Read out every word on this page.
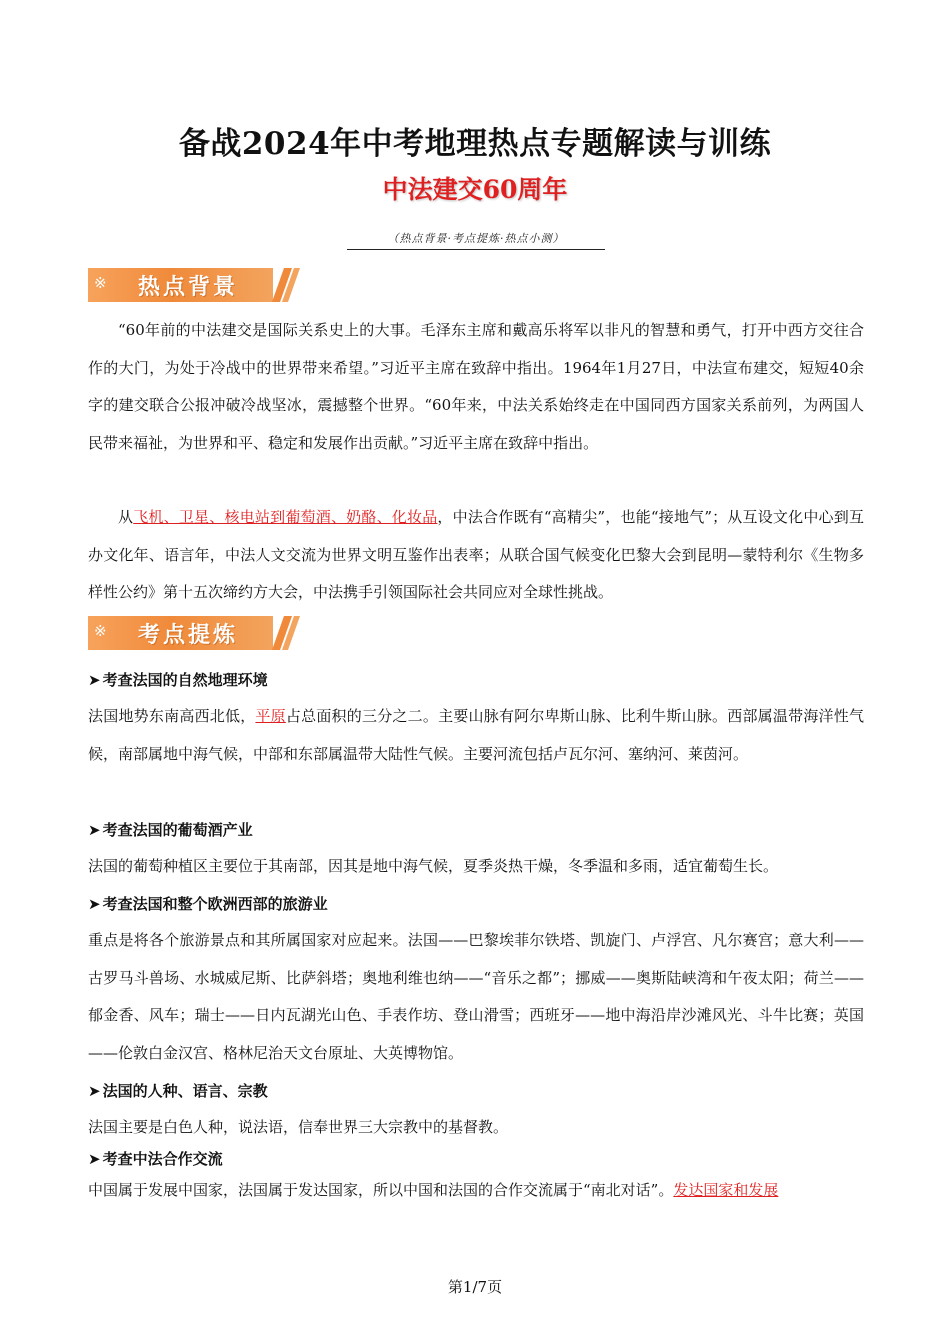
备战2024年中考地理热点专题解读与训练
中法建交60周年
（热点背景·考点提炼·热点小测）
※ 热点背景
“60年前的中法建交是国际关系史上的大事。毛泽东主席和戴高乐将军以非凡的智慧和勇气，打开中西方交往合作的大门，为处于冷战中的世界带来希望。”习近平主席在致辞中指出。1964年1月27日，中法宣布建交，短短40余字的建交联合公报冲破冷战坚冰，震撼整个世界。“60年来，中法关系始终走在中国同西方国家关系前列，为两国人民带来福祉，为世界和平、稳定和发展作出贡献。”习近平主席在致辞中指出。
从飞机、卫星、核电站到葡萄酒、奶酪、化妆品，中法合作既有“高精尖”，也能“接地气”；从互设文化中心到互办文化年、语言年，中法人文交流为世界文明互鉴作出表率；从联合国气候变化巴黎大会到昆明—蒙特利尔《生物多样性公约》第十五次缔约方大会，中法携手引领国际社会共同应对全球性挑战。
※ 考点提炼
➤ 考查法国的自然地理环境
法国地势东南高西北低，平原占总面积的三分之二。主要山脉有阿尔卑斯山脉、比利牛斯山脉。西部属温带海洋性气候，南部属地中海气候，中部和东部属温带大陆性气候。主要河流包括卢瓦尔河、塞纳河、莱茵河。
➤ 考查法国的葡萄酒产业
法国的葡萄种植区主要位于其南部，因其是地中海气候，夏季炎热干燥，冬季温和多雨，适宜葡萄生长。
➤ 考查法国和整个欧洲西部的旅游业
重点是将各个旅游景点和其所属国家对应起来。法国——巴黎埃菲尔铁塔、凯旋门、卢浮宫、凡尔赛宫；意大利——古罗马斗兽场、水城威尼斯、比萨斜塔；奥地利维也纳——“音乐之都”；挪威——奥斯陆峡湾和午夜太阳；荷兰——郁金香、风车；瑞士——日内瓦湖光山色、手表作坊、登山滑雪；西班牙——地中海沿岸沙滩风光、斗牛比赛；英国——伦敦白金汉宫、格林尼治天文台原址、大英博物馆。
➤ 法国的人种、语言、宗教
法国主要是白色人种，说法语，信奉世界三大宗教中的基督教。
➤ 考查中法合作交流
中国属于发展中国家，法国属于发达国家，所以中国和法国的合作交流属于“南北对话”。发达国家和发展
第1/7页
